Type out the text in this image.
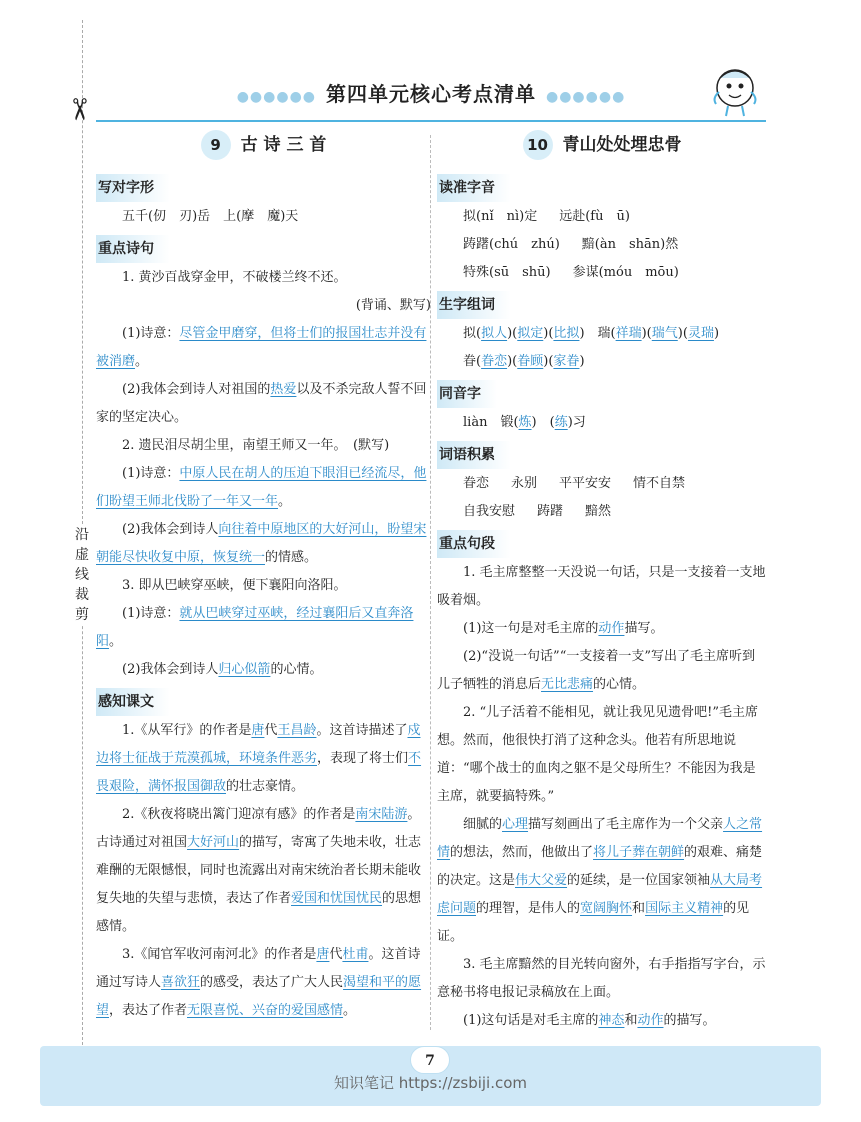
✂
沿虚线裁剪
●●●●●● 第四单元核心考点清单 ●●●●●●
9	古 诗 三 首
写对字形
五千(仞　刃)岳　上(摩　魔)天
重点诗句

1. 黄沙百战穿金甲，不破楼兰终不还。

(背诵、默写)

(1)诗意：尽管金甲磨穿，但将士们的报国壮志并没有被消磨。

(2)我体会到诗人对祖国的热爱以及不杀完敌人誓不回家的坚定决心。

2. 遗民泪尽胡尘里，南望王师又一年。　(默写)

(1)诗意：中原人民在胡人的压迫下眼泪已经流尽，他们盼望王师北伐盼了一年又一年。

(2)我体会到诗人向往着中原地区的大好河山，盼望宋朝能尽快收复中原，恢复统一的情感。

3. 即从巴峡穿巫峡，便下襄阳向洛阳。

(1)诗意：就从巴峡穿过巫峡，经过襄阳后又直奔洛阳。

(2)我体会到诗人归心似箭的心情。

感知课文

1.《从军行》的作者是唐代王昌龄。这首诗描述了戍边将士征战于荒漠孤城，环境条件恶劣，表现了将士们不畏艰险，满怀报国御敌的壮志豪情。

2.《秋夜将晓出篱门迎凉有感》的作者是南宋陆游。古诗通过对祖国大好河山的描写，寄寓了失地未收，壮志难酬的无限憾恨，同时也流露出对南宋统治者长期未能收复失地的失望与悲愤，表达了作者爱国和忧国忧民的思想感情。

3.《闻官军收河南河北》的作者是唐代杜甫。这首诗通过写诗人喜欲狂的感受，表达了广大人民渴望和平的愿望，表达了作者无限喜悦、兴奋的爱国感情。

10 青山处处埋忠骨
读准字音
拟(nǐ　nì)定 远赴(fù　ū)
踌躇(chú　zhú) 黯(àn　shān)然
特殊(sū　shū) 参谋(móu　mōu)
生字组词
拟(拟人)(拟定)(比拟)　瑞(祥瑞)(瑞气)(灵瑞)
眷(眷恋)(眷顾)(家眷)
同音字
liàn　锻(炼)　(练)习
词语积累
眷恋 永别 平平安安 情不自禁
自我安慰 踌躇 黯然
重点句段

1. 毛主席整整一天没说一句话，只是一支接着一支地吸着烟。

(1)这一句是对毛主席的动作描写。

(2)“没说一句话”“一支接着一支”写出了毛主席听到儿子牺牲的消息后无比悲痛的心情。

2. “儿子活着不能相见，就让我见见遗骨吧!”毛主席想。然而，他很快打消了这种念头。他若有所思地说道：“哪个战士的血肉之躯不是父母所生？不能因为我是主席，就要搞特殊。”

细腻的心理描写刻画出了毛主席作为一个父亲人之常情的想法，然而，他做出了将儿子葬在朝鲜的艰难、痛楚的决定。这是伟大父爱的延续，是一位国家领袖从大局考虑问题的理智，是伟人的宽阔胸怀和国际主义精神的见证。

3. 毛主席黯然的目光转向窗外，右手指指写字台，示意秘书将电报记录稿放在上面。

(1)这句话是对毛主席的神态和动作的描写。

7
知识笔记 https://zsbiji.com
